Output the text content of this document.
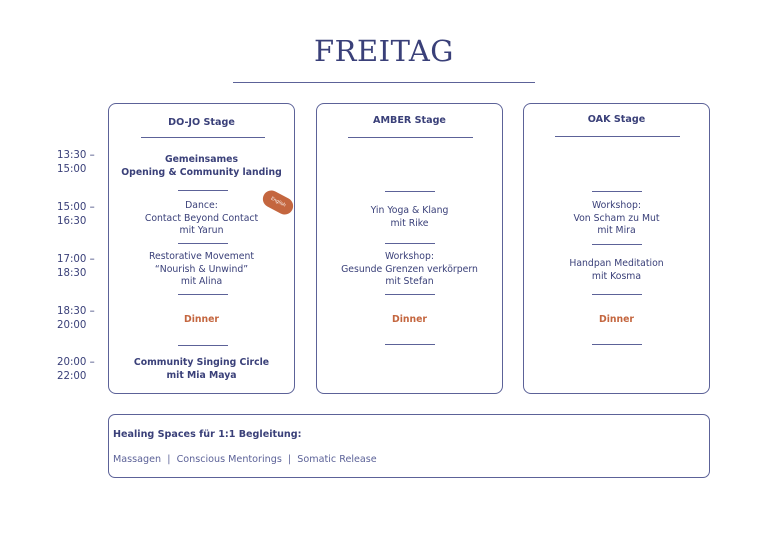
FREITAG
13:30 –
15:00
15:00 –
16:30
17:00 –
18:30
18:30 –
20:00
20:00 –
22:00
DO-JO Stage
Gemeinsames
Opening & Community landing
Dance:
Contact Beyond Contact
mit Yarun
Restorative Movement
“Nourish & Unwind”
mit Alina
Dinner
Community Singing Circle
mit Mia Maya
English
AMBER Stage
Yin Yoga & Klang
mit Rike
Workshop:
Gesunde Grenzen verkörpern
mit Stefan
Dinner
OAK Stage
Workshop:
Von Scham zu Mut
mit Mira
Handpan Meditation
mit Kosma
Dinner
Healing Spaces für 1:1 Begleitung:
Massagen | Conscious Mentorings | Somatic Release
